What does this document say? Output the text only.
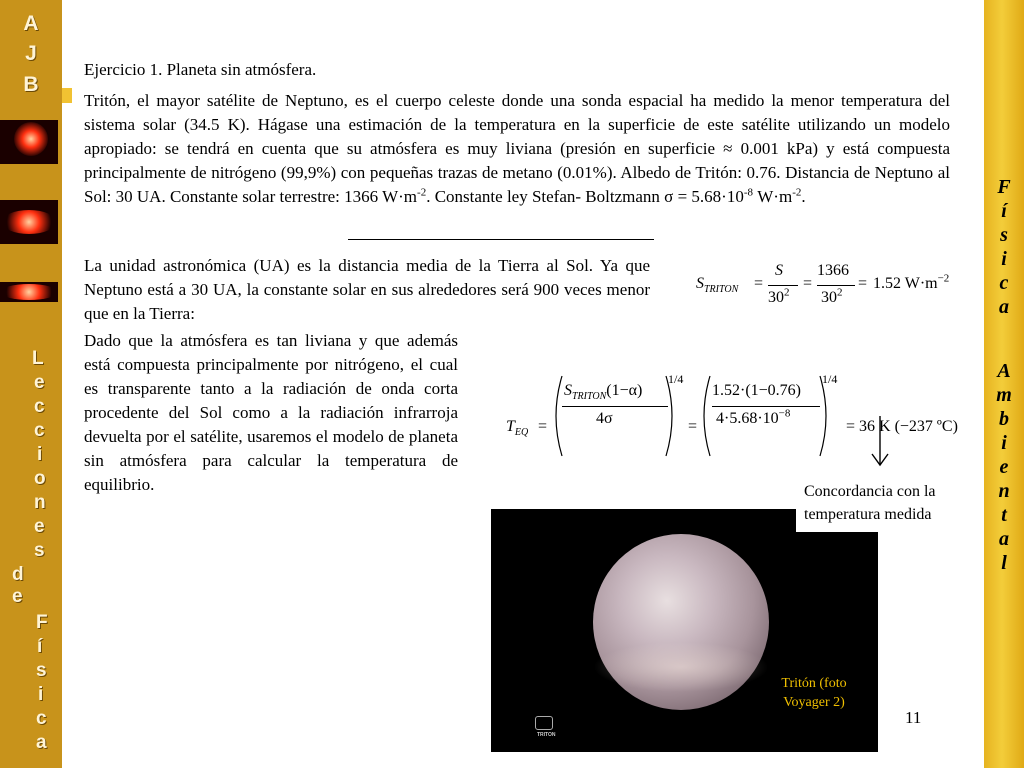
A
J
B
L
e
c
c
i
o
n
e
s
d
e
F
í
s
i
c
a
F
í
s
i
c
a
A
m
b
i
e
n
t
a
l
Ejercicio 1. Planeta sin atmósfera.
Tritón, el mayor satélite de Neptuno, es el cuerpo celeste donde una sonda espacial ha medido la menor temperatura del sistema solar (34.5 K). Hágase una estimación de la temperatura en la superficie de este satélite utilizando un modelo apropiado: se tendrá en cuenta que su atmósfera es muy liviana (presión en superficie ≈ 0.001 kPa) y está compuesta principalmente de nitrógeno (99,9%) con pequeñas trazas de metano (0.01%). Albedo de Tritón: 0.76. Distancia de Neptuno al Sol: 30 UA. Constante solar terrestre: 1366 $W\cdot m^{-2}$. Constante ley Stefan- Boltzmann $\sigma = 5.68\cdot 10^{-8}$ $W\cdot m^{-2}$.
La unidad astronómica (UA) es la distancia media de la Tierra al Sol. Ya que Neptuno está a 30 UA, la constante solar en sus alrededores será 900 veces menor que en la Tierra:
Dado que la atmósfera es tan liviana y que además está compuesta principalmente por nitrógeno, el cual es transparente tanto a la radiación de onda corta procedente del Sol como a la radiación infrarroja devuelta por el satélite, usaremos el modelo de planeta sin atmósfera para calcular la temperatura de equilibrio.
$S_{TRITON}$ =
S
$30^2$
=
1366
$30^2$
= 1.52 $W\cdot m^{-2}$
$T_{EQ}$ =
$S_{TRITON}(1-\alpha)$
4σ
1/4
=
1.52·(1−0.76)
$4\cdot 5.68\cdot 10^{-8}$
1/4
= 36 K (−237 ºC)
Tritón (foto Voyager 2)
TRITON
Concordancia con la temperatura medida
11
